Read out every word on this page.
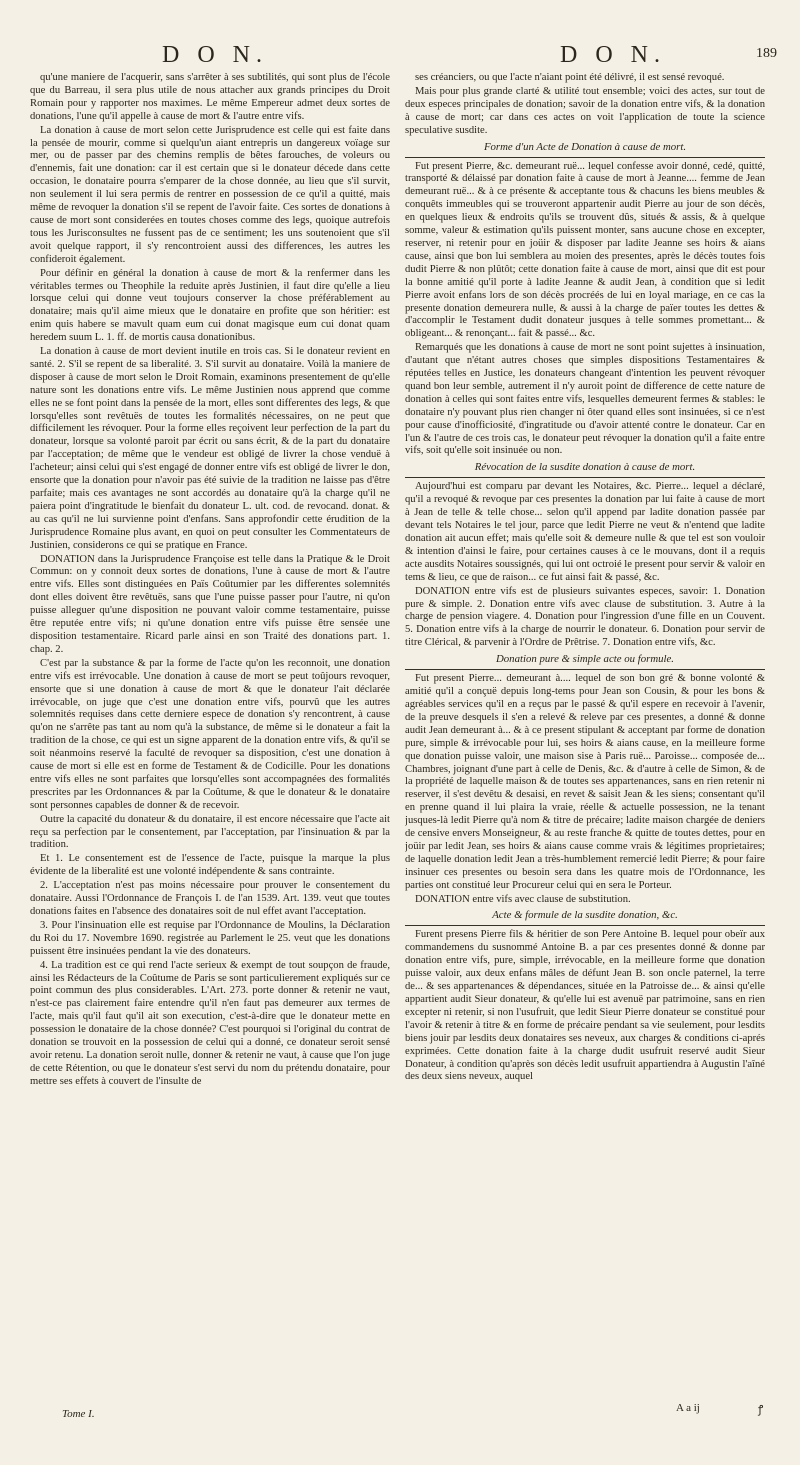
D O N.	D O N.	189

qu'une maniere de l'acquerir, sans s'arrêter à ses subtilités, qui sont plus de l'école que du Barreau, il sera plus utile de nous attacher aux grands principes du Droit Romain pour y rapporter nos maximes. Le même Empereur admet deux sortes de donations, l'une qu'il appelle à cause de mort & l'autre entre vifs.

La donation à cause de mort selon cette Jurisprudence est celle qui est faite dans la pensée de mourir, comme si quelqu'un aiant entrepris un dangereux voïage sur mer, ou de passer par des chemins remplis de bêtes farouches, de voleurs ou d'ennemis, fait une donation: car il est certain que si le donateur décede dans cette occasion, le donataire pourra s'emparer de la chose donnée, au lieu que s'il survit, non seulement il lui sera permis de rentrer en possession de ce qu'il a quitté, mais même de revoquer la donation s'il se repent de l'avoir faite. Ces sortes de donations à cause de mort sont considerées en toutes choses comme des legs, quoique autrefois tous les Jurisconsultes ne fussent pas de ce sentiment; les uns soutenoient que s'il avoit quelque rapport, il s'y rencontroient aussi des differences, les autres les confideroit également.

Pour définir en général la donation à cause de mort & la renfermer dans les véritables termes ou Theophile la reduite après Justinien, il faut dire qu'elle a lieu lorsque celui qui donne veut toujours conserver la chose préférablement au donataire; mais qu'il aime mieux que le donataire en profite que son héritier: est enim quis habere se mavult quam eum cui donat magisque eum cui donat quam heredem suum L. 1. ff. de mortis causa donationibus.

La donation à cause de mort devient inutile en trois cas. Si le donateur revient en santé. 2. S'il se repent de sa liberalité. 3. S'il survit au donataire. Voilà la maniere de disposer à cause de mort selon le Droit Romain, examinons presentement de qu'elle nature sont les donations entre vifs. Le même Justinien nous apprend que comme elles ne se font point dans la pensée de la mort, elles sont differentes des legs, & que lorsqu'elles sont revêtuës de toutes les formalités nécessaires, on ne peut que difficilement les révoquer. Pour la forme elles reçoivent leur perfection de la part du donateur, lorsque sa volonté paroit par écrit ou sans écrit, & de la part du donataire par l'acceptation; de même que le vendeur est obligé de livrer la chose venduë à l'acheteur; ainsi celui qui s'est engagé de donner entre vifs est obligé de livrer le don, ensorte que la donation pour n'avoir pas été suivie de la tradition ne laisse pas d'être parfaite; mais ces avantages ne sont accordés au donataire qu'à la charge qu'il ne paiera point d'ingratitude le bienfait du donateur L. ult. cod. de revocand. donat. & au cas qu'il ne lui survienne point d'enfans. Sans approfondir cette érudition de la Jurisprudence Romaine plus avant, en quoi on peut consulter les Commentateurs de Justinien, considerons ce qui se pratique en France.

DONATION dans la Jurisprudence Françoise est telle dans la Pratique & le Droit Commun: on y connoit deux sortes de donations, l'une à cause de mort & l'autre entre vifs. Elles sont distinguées en Païs Coûtumier par les differentes solemnités dont elles doivent être revêtuës, sans que l'une puisse passer pour l'autre, ni qu'on puisse alleguer qu'une disposition ne pouvant valoir comme testamentaire, puisse être reputée entre vifs; ni qu'une donation entre vifs puisse être sensée une disposition testamentaire. Ricard parle ainsi en son Traité des donations part. 1. chap. 2.

C'est par la substance & par la forme de l'acte qu'on les reconnoit, une donation entre vifs est irrévocable. Une donation à cause de mort se peut toûjours revoquer, ensorte que si une donation à cause de mort & que le donateur l'ait déclarée irrévocable, on juge que c'est une donation entre vifs, pourvû que les autres solemnités requises dans cette derniere espece de donation s'y rencontrent, à cause qu'on ne s'arrête pas tant au nom qu'à la substance, de même si le donateur a fait la tradition de la chose, ce qui est un signe apparent de la donation entre vifs, & qu'il se soit néanmoins reservé la faculté de revoquer sa disposition, c'est une donation à cause de mort si elle est en forme de Testament & de Codicille. Pour les donations entre vifs elles ne sont parfaites que lorsqu'elles sont accompagnées des formalités prescrites par les Ordonnances & par la Coûtume, & que le donateur & le donataire sont personnes capables de donner & de recevoir.

Outre la capacité du donateur & du donataire, il est encore nécessaire que l'acte ait reçu sa perfection par le consentement, par l'acceptation, par l'insinuation & par la tradition.

Et 1. Le consentement est de l'essence de l'acte, puisque la marque la plus évidente de la liberalité est une volonté indépendente & sans contrainte.

2. L'acceptation n'est pas moins nécessaire pour prouver le consentement du donataire. Aussi l'Ordonnance de François I. de l'an 1539. Art. 139. veut que toutes donations faites en l'absence des donataires soit de nul effet avant l'acceptation.

3. Pour l'insinuation elle est requise par l'Ordonnance de Moulins, la Déclaration du Roi du 17. Novembre 1690. registrée au Parlement le 25. veut que les donations puissent être insinuées pendant la vie des donateurs.

4. La tradition est ce qui rend l'acte serieux & exempt de tout soupçon de fraude, ainsi les Rédacteurs de la Coûtume de Paris se sont particulierement expliqués sur ce point commun des plus considerables. L'Art. 273. porte donner & retenir ne vaut, n'est-ce pas clairement faire entendre qu'il n'en faut pas demeurer aux termes de l'acte, mais qu'il faut qu'il ait son execution, c'est-à-dire que le donateur mette en possession le donataire de la chose donnée? C'est pourquoi si l'original du contrat de donation se trouvoit en la possession de celui qui a donné, ce donateur seroit sensé avoir retenu. La donation seroit nulle, donner & retenir ne vaut, à cause que l'on juge de cette Rétention, ou que le donateur s'est servi du nom du prétendu donataire, pour mettre ses effets à couvert de l'insulte de

ses créanciers, ou que l'acte n'aiant point été délivré, il est sensé revoqué.

Mais pour plus grande clarté & utilité tout ensemble; voici des actes, sur tout de deux especes principales de donation; savoir de la donation entre vifs, & la donation à cause de mort; car dans ces actes on voit l'application de toute la science speculative susdite.

Forme d'un Acte de Donation à cause de mort.

Fut present Pierre, &c. demeurant ruë... lequel confesse avoir donné, cedé, quitté, transporté & délaissé par donation faite à cause de mort à Jeanne.... femme de Jean demeurant ruë... & à ce présente & acceptante tous & chacuns les biens meubles & conquêts immeubles qui se trouveront appartenir audit Pierre au jour de son décès, en quelques lieux & endroits qu'ils se trouvent dûs, situés & assis, & à quelque somme, valeur & estimation qu'ils puissent monter, sans aucune chose en excepter, reserver, ni retenir pour en joüir & disposer par ladite Jeanne ses hoirs & aians cause, ainsi que bon lui semblera au moien des presentes, après le décès toutes fois dudit Pierre & non plûtôt; cette donation faite à cause de mort, ainsi que dit est pour la bonne amitié qu'il porte à ladite Jeanne & audit Jean, à condition que si ledit Pierre avoit enfans lors de son décès procréés de lui en loyal mariage, en ce cas la presente donation demeurera nulle, & aussi à la charge de païer toutes les dettes & d'accomplir le Testament dudit donateur jusques à telle sommes promettant... & obligeant... & renonçant... fait & passé... &c.

Remarqués que les donations à cause de mort ne sont point sujettes à insinuation, d'autant que n'étant autres choses que simples dispositions Testamentaires & réputées telles en Justice, les donateurs changeant d'intention les peuvent révoquer quand bon leur semble, autrement il n'y auroit point de difference de cette nature de donation à celles qui sont faites entre vifs, lesquelles demeurent fermes & stables: le donataire n'y pouvant plus rien changer ni ôter quand elles sont insinuées, si ce n'est pour cause d'inofficiosité, d'ingratitude ou d'avoir attenté contre le donateur. Car en l'un & l'autre de ces trois cas, le donateur peut révoquer la donation qu'il a faite entre vifs, soit qu'elle soit insinuée ou non.

Révocation de la susdite donation à cause de mort.

Aujourd'hui est comparu par devant les Notaires, &c. Pierre... lequel a déclaré, qu'il a revoqué & revoque par ces presentes la donation par lui faite à cause de mort à Jean de telle & telle chose... selon qu'il append par ladite donation passée par devant tels Notaires le tel jour, parce que ledit Pierre ne veut & n'entend que ladite donation ait aucun effet; mais qu'elle soit & demeure nulle & que tel est son vouloir & intention d'ainsi le faire, pour certaines causes à ce le mouvans, dont il a requis acte ausdits Notaires soussignés, qui lui ont octroié le present pour servir & valoir en tems & lieu, ce que de raison... ce fut ainsi fait & passé, &c.

DONATION entre vifs est de plusieurs suivantes especes, savoir: 1. Donation pure & simple. 2. Donation entre vifs avec clause de substitution. 3. Autre à la charge de pension viagere. 4. Donation pour l'ingression d'une fille en un Couvent. 5. Donation entre vifs à la charge de nourrir le donateur. 6. Donation pour servir de titre Clérical, & parvenir à l'Ordre de Prêtrise. 7. Donation entre vifs, &c.

Donation pure & simple acte ou formule.

Fut present Pierre... demeurant à.... lequel de son bon gré & bonne volonté & amitié qu'il a conçuë depuis long-tems pour Jean son Cousin, & pour les bons & agréables services qu'il en a reçus par le passé & qu'il espere en recevoir à l'avenir, de la preuve desquels il s'en a relevé & releve par ces presentes, a donné & donne audit Jean demeurant à... & à ce present stipulant & acceptant par forme de donation pure, simple & irrévocable pour lui, ses hoirs & aians cause, en la meilleure forme que donation puisse valoir, une maison sise à Paris ruë... Paroisse... composée de... Chambres, joignant d'une part à celle de Denis, &c. & d'autre à celle de Simon, & de la propriété de laquelle maison & de toutes ses appartenances, sans en rien retenir ni reserver, il s'est devêtu & desaisi, en revet & saisit Jean & les siens; consentant qu'il en prenne quand il lui plaira la vraie, réelle & actuelle possession, ne la tenant jusques-là ledit Pierre qu'à nom & titre de précaire; ladite maison chargée de deniers de censive envers Monseigneur, & au reste franche & quitte de toutes dettes, pour en joüir par ledit Jean, ses hoirs & aians cause comme vrais & légitimes proprietaires; de laquelle donation ledit Jean a très-humblement remercié ledit Pierre; & pour faire insinuer ces presentes ou besoin sera dans les quatre mois de l'Ordonnance, les parties ont constitué leur Procureur celui qui en sera le Porteur.

DONATION entre vifs avec clause de substitution.

Acte & formule de la susdite donation, &c.

Furent presens Pierre fils & héritier de son Pere Antoine B. lequel pour obeïr aux commandemens du susnommé Antoine B. a par ces presentes donné & donne par donation entre vifs, pure, simple, irrévocable, en la meilleure forme que donation puisse valoir, aux deux enfans mâles de défunt Jean B. son oncle paternel, la terre de... & ses appartenances & dépendances, située en la Patroisse de... & ainsi qu'elle appartient audit Sieur donateur, & qu'elle lui est avenuë par patrimoine, sans en rien excepter ni retenir, si non l'usufruit, que ledit Sieur Pierre donateur se constitué pour l'avoir & retenir à titre & en forme de précaire pendant sa vie seulement, pour lesdits biens jouir par lesdits deux donataires ses neveux, aux charges & conditions ci-aprés exprimées. Cette donation faite à la charge dudit usufruit reservé audit Sieur Donateur, à condition qu'après son décès ledit usufruit appartiendra à Augustin l'aîné des deux siens neveux, auquel

Tome I.	A a ij	ꝭ
